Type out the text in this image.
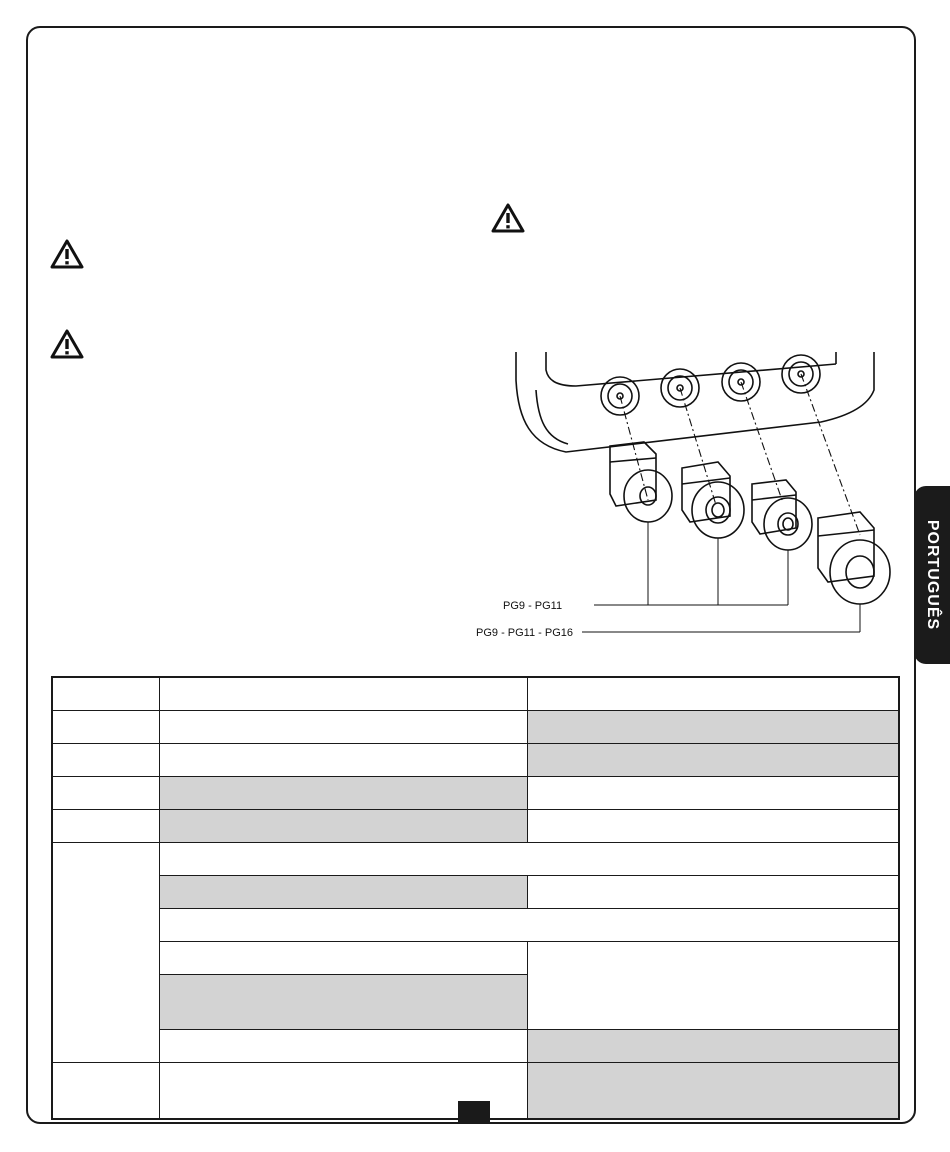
PG9 - PG11
PG9 - PG11 - PG16
PORTUGUÊS
